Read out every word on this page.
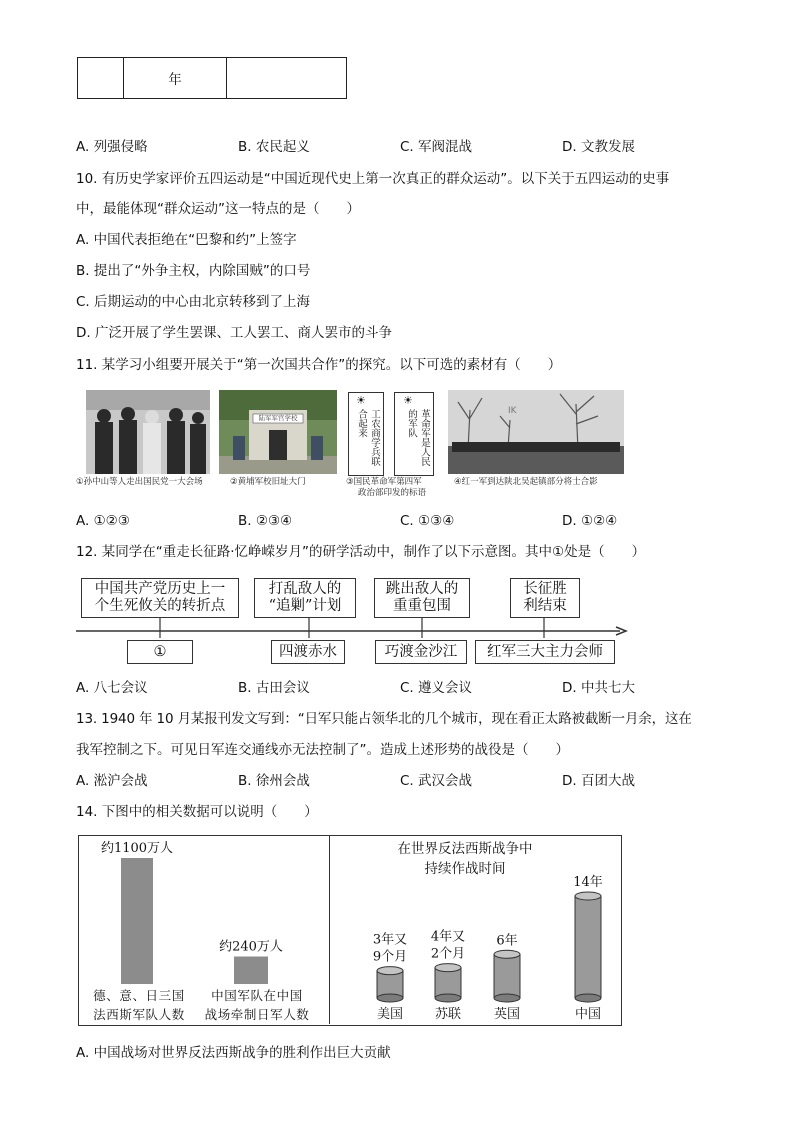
年
A. 列强侵略	B. 农民起义	C. 军阀混战	D. 文教发展
10. 有历史学家评价五四运动是“中国近现代史上第一次真正的群众运动”。以下关于五四运动的史事
中，最能体现“群众运动”这一特点的是（　　）
A. 中国代表拒绝在“巴黎和约”上签字
B. 提出了“外争主权，内除国贼”的口号
C. 后期运动的中心由北京转移到了上海
D. 广泛开展了学生罢课、工人罢工、商人罢市的斗争
11. 某学习小组要开展关于“第一次国共合作”的探究。以下可选的素材有（　　）
①孙中山等人走出国民党一大会场
陆军军官学校
②黄埔军校旧址大门
☀
工农商学兵联合起来
☀
革命军是人民的军队
③国民革命军第四军
政治部印发的标语
IK
④红一军到达陕北吴起镇部分将士合影
A. ①②③	B. ②③④	C. ①③④	D. ①②④
12. 某同学在“重走长征路·忆峥嵘岁月”的研学活动中，制作了以下示意图。其中①处是（　　）
中国共产党历史上一
个生死攸关的转折点
打乱敌人的
“追剿”计划
跳出敌人的
重重包围
长征胜
利结束
①	四渡赤水	巧渡金沙江 红军三大主力会师
A. 八七会议	B. 古田会议	C. 遵义会议	D. 中共七大
13. 1940 年 10 月某报刊发文写到：“日军只能占领华北的几个城市，现在看正太路被截断一月余，这在
我军控制之下。可见日军连交通线亦无法控制了”。造成上述形势的战役是（　　）
A. 淞沪会战	B. 徐州会战	C. 武汉会战	D. 百团大战
14. 下图中的相关数据可以说明（　　）
约1100万人
德、意、日三国
法西斯军队人数
约240万人
中国军队在中国
战场牵制日军人数
在世界反法西斯战争中
持续作战时间
3年又
9个月
美国
4年又
2个月
苏联
6年
英国
14年
中国
A. 中国战场对世界反法西斯战争的胜利作出巨大贡献
